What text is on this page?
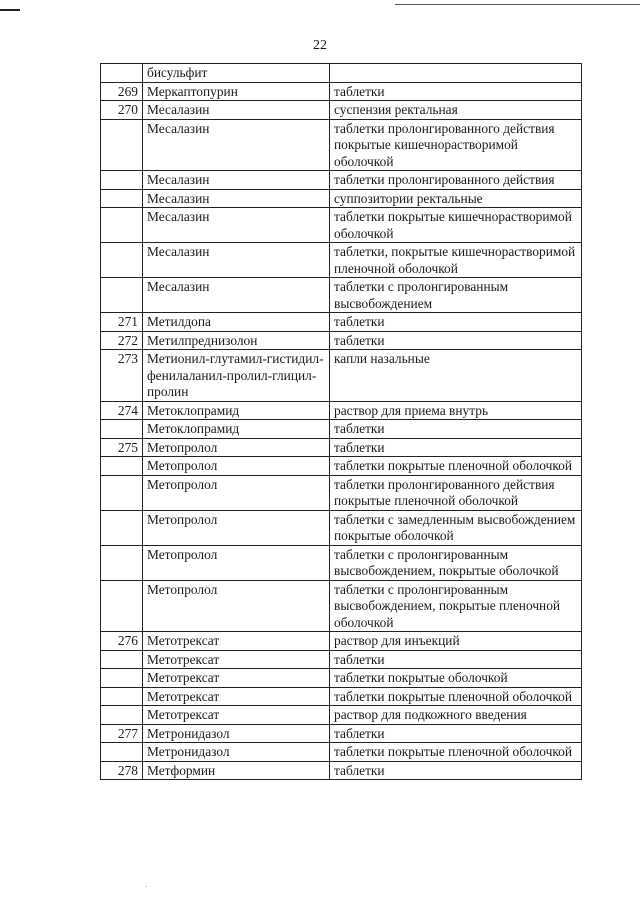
22
	бисульфит	
269	Меркаптопурин	таблетки
270	Месалазин	суспензия ректальная
	Месалазин	таблетки пролонгированного действия покрытые кишечнорастворимой оболочкой
	Месалазин	таблетки пролонгированного действия
	Месалазин	суппозитории ректальные
	Месалазин	таблетки покрытые кишечнорастворимой оболочкой
	Месалазин	таблетки, покрытые кишечнорастворимой пленочной оболочкой
	Месалазин	таблетки с пролонгированным высвобождением
271	Метилдопа	таблетки
272	Метилпреднизолон	таблетки
273	Метионил-глутамил-гистидил-фенилаланил-пролил-глицил-пролин	капли назальные
274	Метоклопрамид	раствор для приема внутрь
	Метоклопрамид	таблетки
275	Метопролол	таблетки
	Метопролол	таблетки покрытые пленочной оболочкой
	Метопролол	таблетки пролонгированного действия покрытые пленочной оболочкой
	Метопролол	таблетки с замедленным высвобождением покрытые оболочкой
	Метопролол	таблетки с пролонгированным высвобождением, покрытые оболочкой
	Метопролол	таблетки с пролонгированным высвобождением, покрытые пленочной оболочкой
276	Метотрексат	раствор для инъекций
	Метотрексат	таблетки
	Метотрексат	таблетки покрытые оболочкой
	Метотрексат	таблетки покрытые пленочной оболочкой
	Метотрексат	раствор для подкожного введения
277	Метронидазол	таблетки
	Метронидазол	таблетки покрытые пленочной оболочкой
278	Метформин	таблетки
